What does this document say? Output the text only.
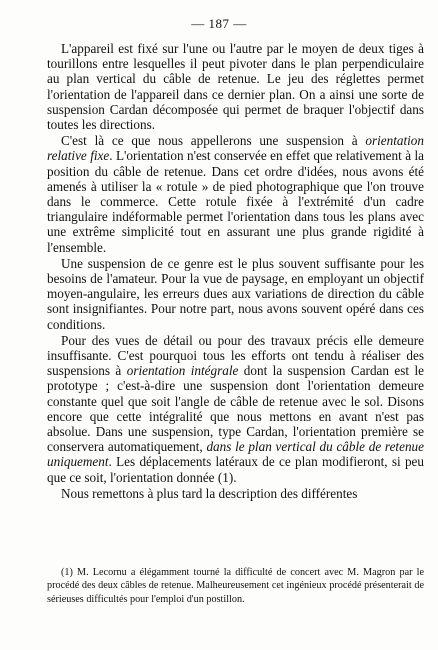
— 187 —

L'appareil est fixé sur l'une ou l'autre par le moyen de deux tiges à tourillons entre lesquelles il peut pivoter dans le plan perpendiculaire au plan vertical du câble de retenue. Le jeu des réglettes permet l'orientation de l'appareil dans ce dernier plan. On a ainsi une sorte de suspension Cardan décomposée qui permet de braquer l'objectif dans toutes les directions.

C'est là ce que nous appellerons une suspension à orientation relative fixe. L'orientation n'est conservée en effet que relativement à la position du câble de retenue. Dans cet ordre d'idées, nous avons été amenés à utiliser la « rotule » de pied photographique que l'on trouve dans le commerce. Cette rotule fixée à l'extrémité d'un cadre triangulaire indéformable permet l'orientation dans tous les plans avec une extrême simplicité tout en assurant une plus grande rigidité à l'ensemble.

Une suspension de ce genre est le plus souvent suffisante pour les besoins de l'amateur. Pour la vue de paysage, en employant un objectif moyen-angulaire, les erreurs dues aux variations de direction du câble sont insignifiantes. Pour notre part, nous avons souvent opéré dans ces conditions.

Pour des vues de détail ou pour des travaux précis elle demeure insuffisante. C'est pourquoi tous les efforts ont tendu à réaliser des suspensions à orientation intégrale dont la suspension Cardan est le prototype ; c'est-à-dire une suspension dont l'orientation demeure constante quel que soit l'angle de câble de retenue avec le sol. Disons encore que cette intégralité que nous mettons en avant n'est pas absolue. Dans une suspension, type Cardan, l'orientation première se conservera automatiquement, dans le plan vertical du câble de retenue uniquement. Les déplacements latéraux de ce plan modifieront, si peu que ce soit, l'orientation donnée (1).

Nous remettons à plus tard la description des différentes

(1) M. Lecornu a élégamment tourné la difficulté de concert avec M. Magron par le procédé des deux câbles de retenue. Malheureusement cet ingénieux procédé présenterait de sérieuses difficultés pour l'emploi d'un postillon.
